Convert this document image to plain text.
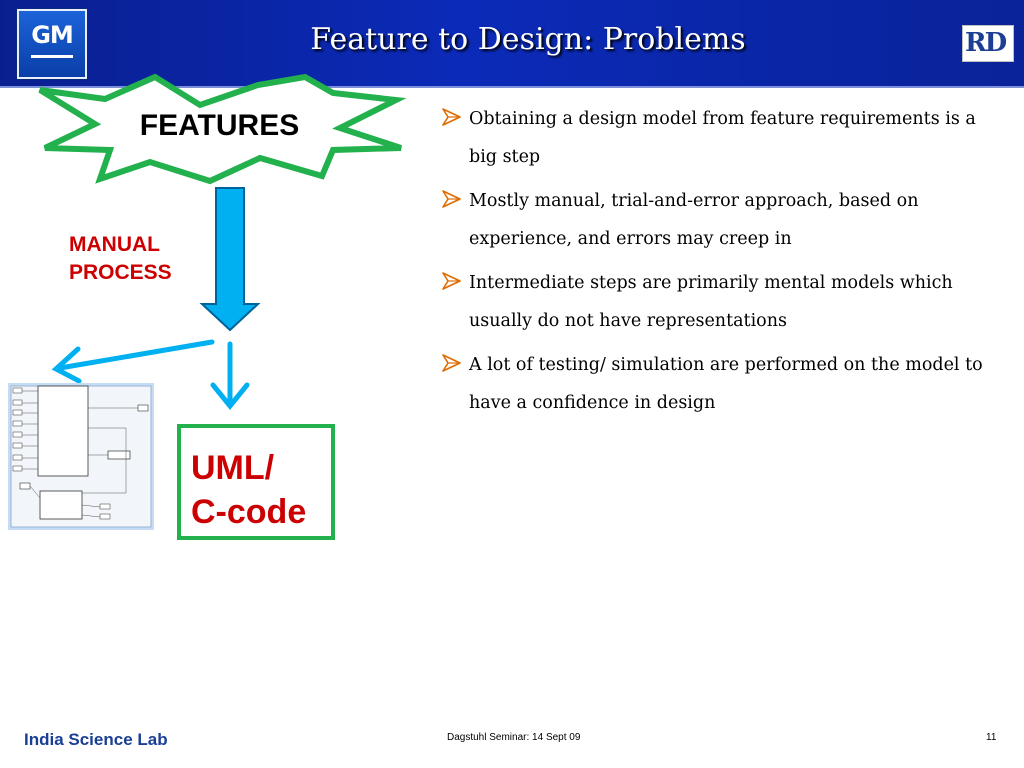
GM	Feature to Design: Problems	RD
FEATURES
MANUAL
PROCESS
UML/
C-code
Obtaining a design model from feature requirements is a big step
Mostly manual, trial-and-error approach, based on experience, and errors may creep in
Intermediate steps are primarily mental models which usually do not have representations
A lot of testing/ simulation are performed on the model to have a confidence in design
India Science Lab	Dagstuhl Seminar: 14 Sept 09	11
